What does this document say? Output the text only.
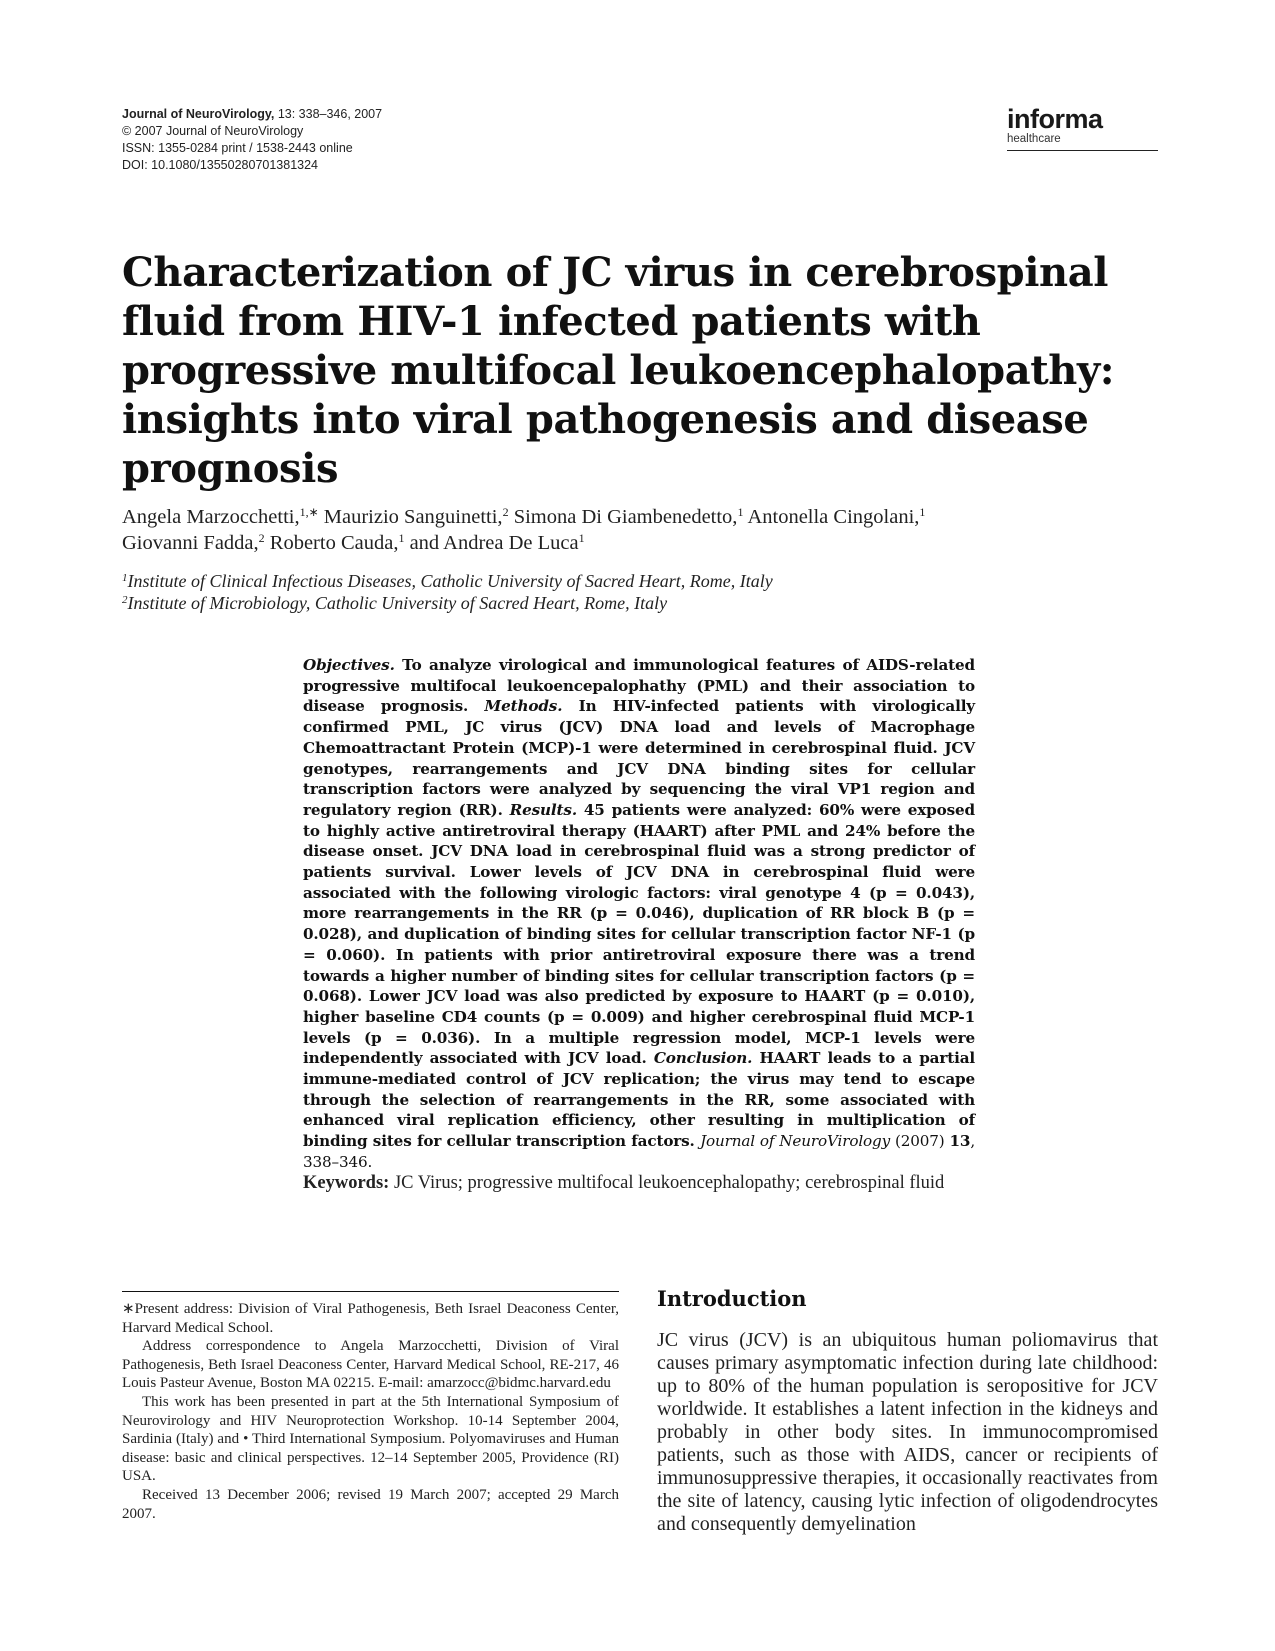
Journal of NeuroVirology, 13: 338–346, 2007
© 2007 Journal of NeuroVirology
ISSN: 1355-0284 print / 1538-2443 online
DOI: 10.1080/13550280701381324
informa
healthcare
Characterization of JC virus in cerebrospinal fluid from HIV-1 infected patients with progressive multifocal leukoencephalopathy: insights into viral pathogenesis and disease prognosis
Angela Marzocchetti,$^{1,∗}$ Maurizio Sanguinetti,$^2$ Simona Di Giambenedetto,$^1$ Antonella Cingolani,$^1$
Giovanni Fadda,$^2$ Roberto Cauda,$^1$ and Andrea De Luca$^1$
$^1$Institute of Clinical Infectious Diseases, Catholic University of Sacred Heart, Rome, Italy
$^2$Institute of Microbiology, Catholic University of Sacred Heart, Rome, Italy
Objectives. To analyze virological and immunological features of AIDS-related progressive multifocal leukoencepalophathy (PML) and their association to disease prognosis. Methods. In HIV-infected patients with virologically confirmed PML, JC virus (JCV) DNA load and levels of Macrophage Chemoattractant Protein (MCP)-1 were determined in cerebrospinal fluid. JCV genotypes, rearrangements and JCV DNA binding sites for cellular transcription factors were analyzed by sequencing the viral VP1 region and regulatory region (RR). Results. 45 patients were analyzed: 60% were exposed to highly active antiretroviral therapy (HAART) after PML and 24% before the disease onset. JCV DNA load in cerebrospinal fluid was a strong predictor of patients survival. Lower levels of JCV DNA in cerebrospinal fluid were associated with the following virologic factors: viral genotype 4 (p = 0.043), more rearrangements in the RR (p = 0.046), duplication of RR block B (p = 0.028), and duplication of binding sites for cellular transcription factor NF-1 (p = 0.060). In patients with prior antiretroviral exposure there was a trend towards a higher number of binding sites for cellular transcription factors (p = 0.068). Lower JCV load was also predicted by exposure to HAART (p = 0.010), higher baseline CD4 counts (p = 0.009) and higher cerebrospinal fluid MCP-1 levels (p = 0.036). In a multiple regression model, MCP-1 levels were independently associated with JCV load. Conclusion. HAART leads to a partial immune-mediated control of JCV replication; the virus may tend to escape through the selection of rearrangements in the RR, some associated with enhanced viral replication efficiency, other resulting in multiplication of binding sites for cellular transcription factors. Journal of NeuroVirology (2007) 13, 338–346.
Keywords: JC Virus; progressive multifocal leukoencephalopathy; cerebrospinal fluid

∗Present address: Division of Viral Pathogenesis, Beth Israel Deaconess Center, Harvard Medical School.

Address correspondence to Angela Marzocchetti, Division of Viral Pathogenesis, Beth Israel Deaconess Center, Harvard Medical School, RE-217, 46 Louis Pasteur Avenue, Boston MA 02215. E-mail: amarzocc@bidmc.harvard.edu

This work has been presented in part at the 5th International Symposium of Neurovirology and HIV Neuroprotection Workshop. 10-14 September 2004, Sardinia (Italy) and • Third International Symposium. Polyomaviruses and Human disease: basic and clinical perspectives. 12–14 September 2005, Providence (RI) USA.

Received 13 December 2006; revised 19 March 2007; accepted 29 March 2007.

Introduction

JC virus (JCV) is an ubiquitous human poliomavirus that causes primary asymptomatic infection during late childhood: up to 80% of the human population is seropositive for JCV worldwide. It establishes a latent infection in the kidneys and probably in other body sites. In immunocompromised patients, such as those with AIDS, cancer or recipients of immunosuppressive therapies, it occasionally reactivates from the site of latency, causing lytic infection of oligodendrocytes and consequently demyelination
